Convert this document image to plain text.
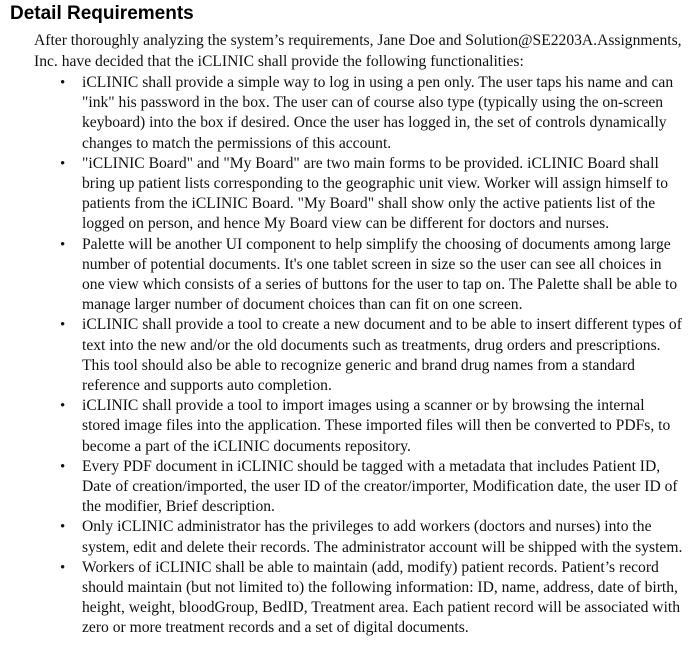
Detail Requirements

After thoroughly analyzing the system’s requirements, Jane Doe and Solution@SE2203A.Assignments, Inc. have decided that the iCLINIC shall provide the following functionalities:

• iCLINIC shall provide a simple way to log in using a pen only. The user taps his name and can "ink" his password in the box. The user can of course also type (typically using the on-screen keyboard) into the box if desired. Once the user has logged in, the set of controls dynamically changes to match the permissions of this account.
• "iCLINIC Board" and "My Board" are two main forms to be provided. iCLINIC Board shall bring up patient lists corresponding to the geographic unit view. Worker will assign himself to patients from the iCLINIC Board. "My Board" shall show only the active patients list of the logged on person, and hence My Board view can be different for doctors and nurses.
• Palette will be another UI component to help simplify the choosing of documents among large number of potential documents. It's one tablet screen in size so the user can see all choices in one view which consists of a series of buttons for the user to tap on. The Palette shall be able to manage larger number of document choices than can fit on one screen.
• iCLINIC shall provide a tool to create a new document and to be able to insert different types of text into the new and/or the old documents such as treatments, drug orders and prescriptions. This tool should also be able to recognize generic and brand drug names from a standard reference and supports auto completion.
• iCLINIC shall provide a tool to import images using a scanner or by browsing the internal stored image files into the application. These imported files will then be converted to PDFs, to become a part of the iCLINIC documents repository.
• Every PDF document in iCLINIC should be tagged with a metadata that includes Patient ID, Date of creation/imported, the user ID of the creator/importer, Modification date, the user ID of the modifier, Brief description.
• Only iCLINIC administrator has the privileges to add workers (doctors and nurses) into the system, edit and delete their records. The administrator account will be shipped with the system.
• Workers of iCLINIC shall be able to maintain (add, modify) patient records. Patient’s record should maintain (but not limited to) the following information: ID, name, address, date of birth, height, weight, bloodGroup, BedID, Treatment area. Each patient record will be associated with zero or more treatment records and a set of digital documents.
